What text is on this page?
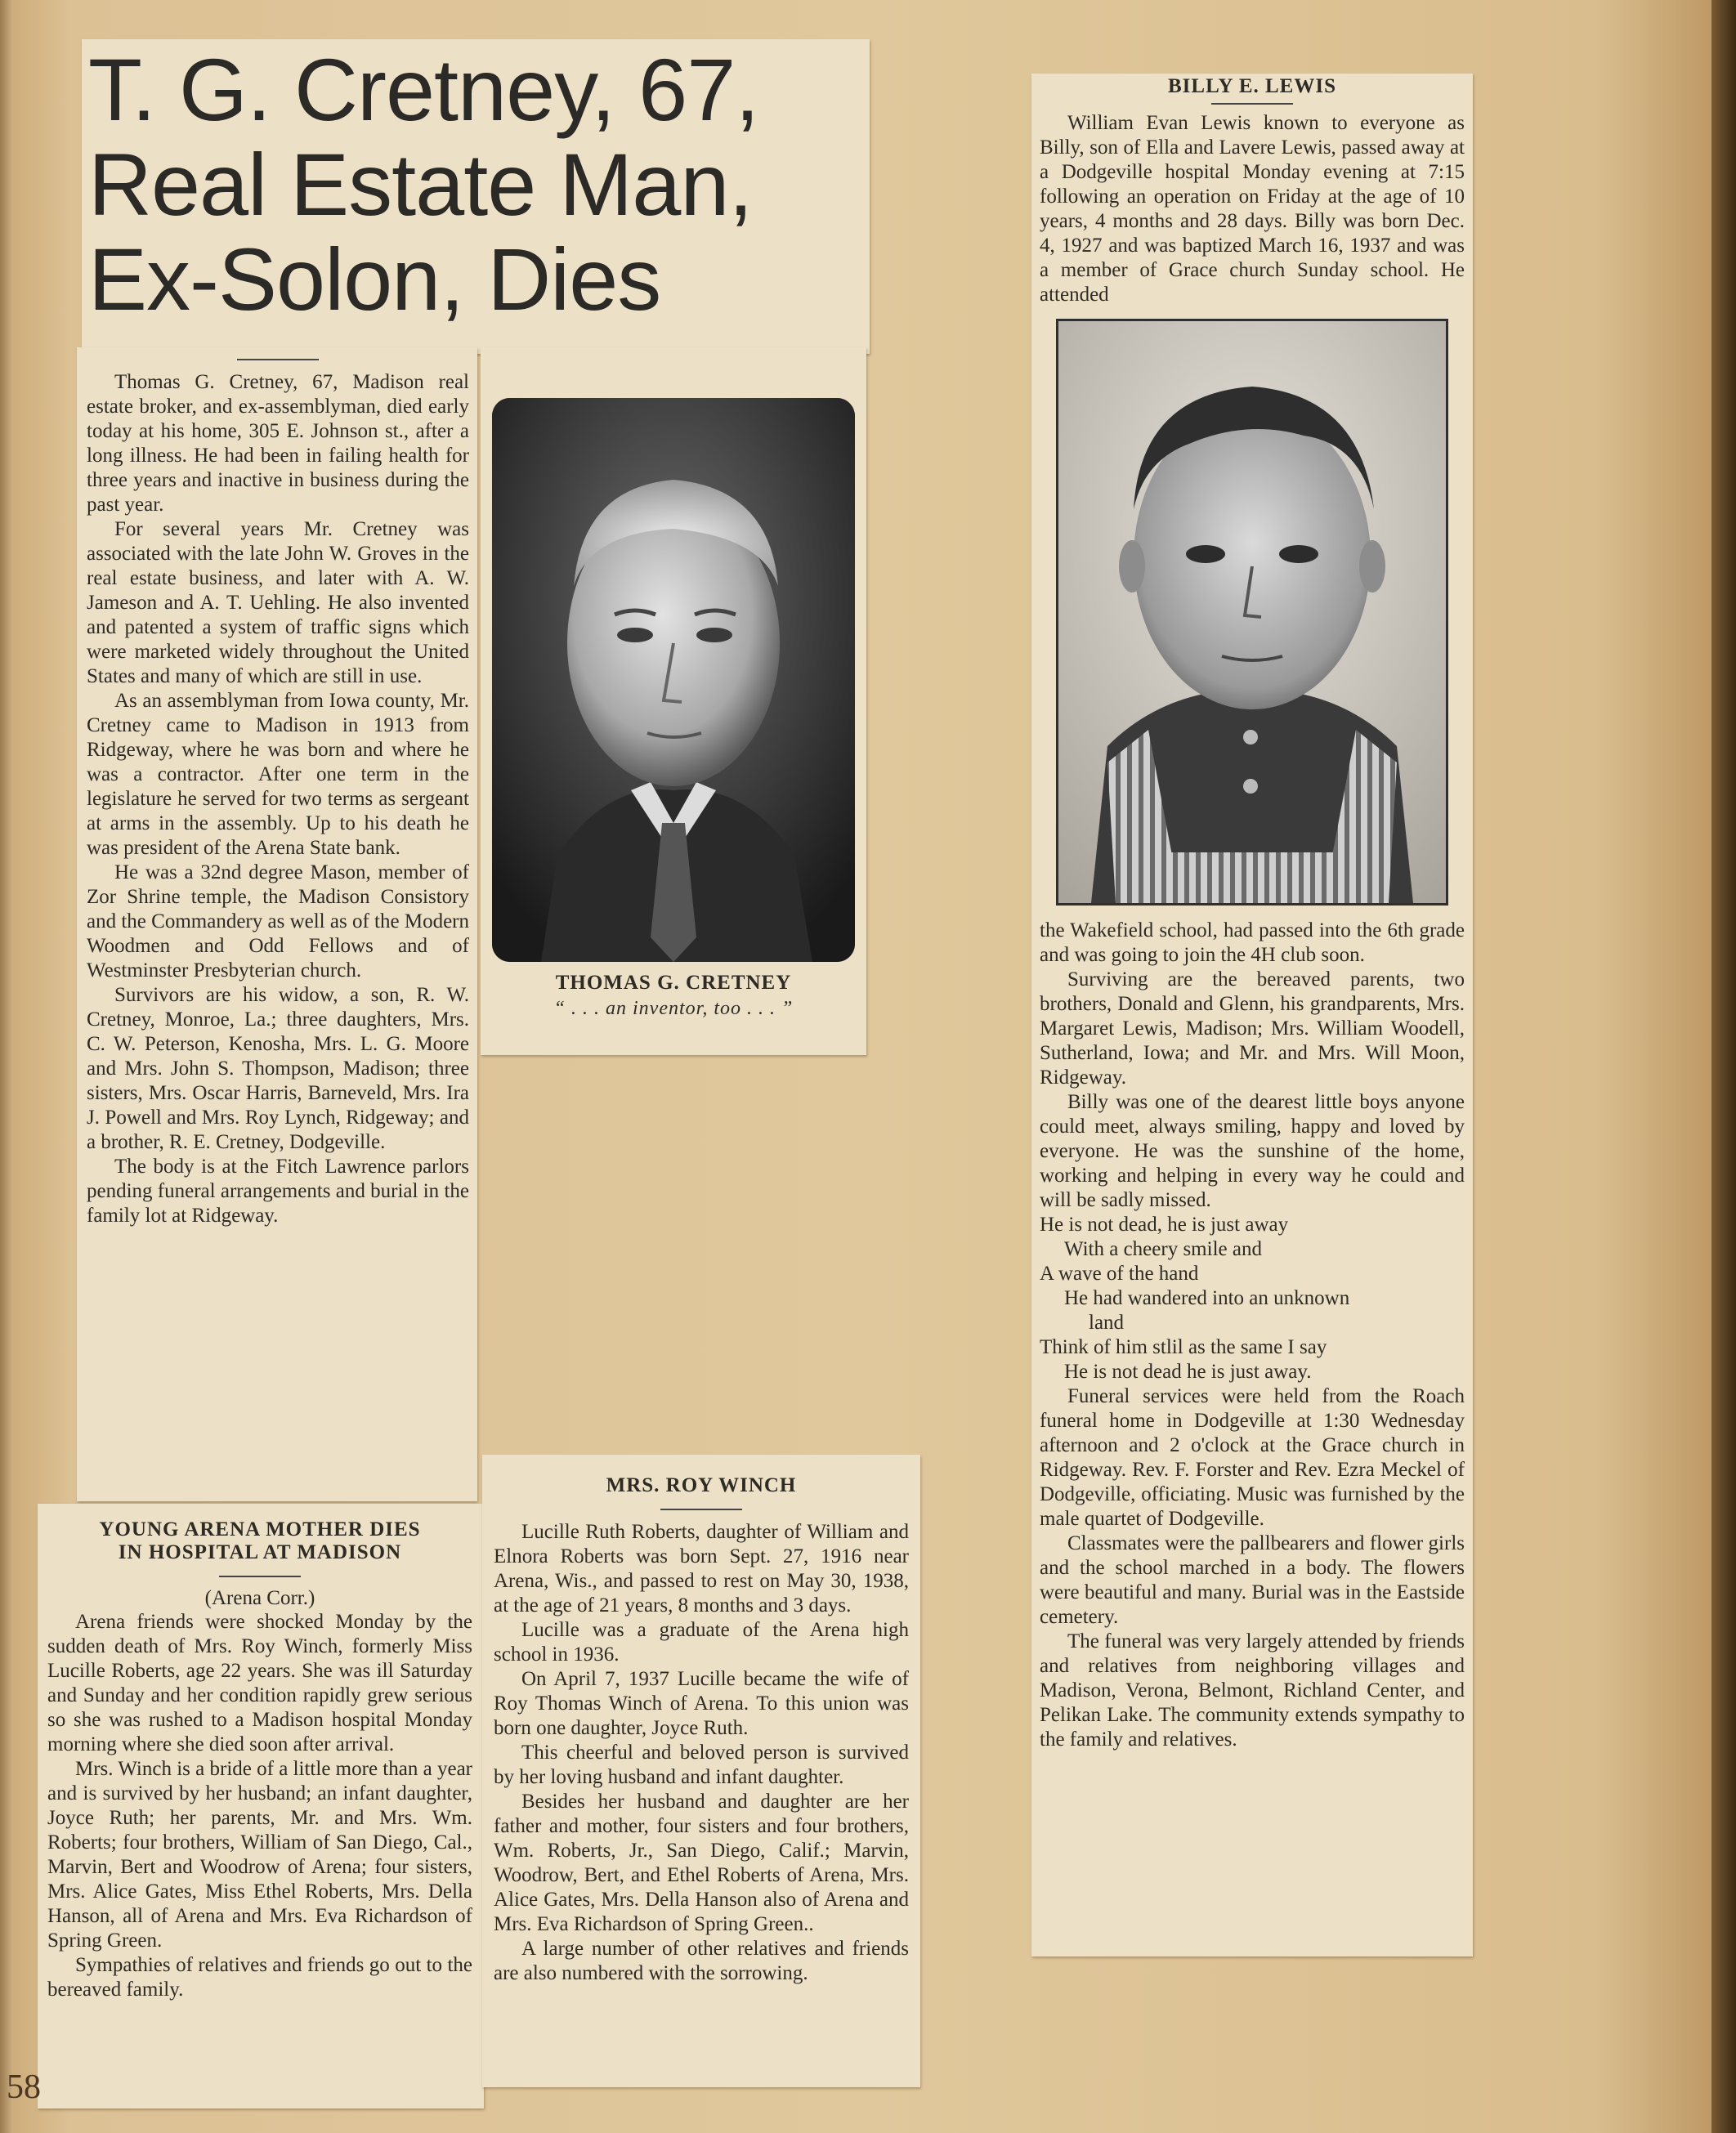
T. G. Cretney, 67,
Real Estate Man,
Ex-Solon, Dies

Thomas G. Cretney, 67, Madison real estate broker, and ex-assemblyman, died early today at his home, 305 E. Johnson st., after a long illness. He had been in failing health for three years and inactive in business during the past year.

For several years Mr. Cretney was associated with the late John W. Groves in the real estate business, and later with A. W. Jameson and A. T. Uehling. He also invented and patented a system of traffic signs which were marketed widely throughout the United States and many of which are still in use.

As an assemblyman from Iowa county, Mr. Cretney came to Madison in 1913 from Ridgeway, where he was born and where he was a contractor. After one term in the legislature he served for two terms as sergeant at arms in the assembly. Up to his death he was president of the Arena State bank.

He was a 32nd degree Mason, member of Zor Shrine temple, the Madison Consistory and the Commandery as well as of the Modern Woodmen and Odd Fellows and of Westminster Presbyterian church.

Survivors are his widow, a son, R. W. Cretney, Monroe, La.; three daughters, Mrs. C. W. Peterson, Kenosha, Mrs. L. G. Moore and Mrs. John S. Thompson, Madison; three sisters, Mrs. Oscar Harris, Barneveld, Mrs. Ira J. Powell and Mrs. Roy Lynch, Ridgeway; and a brother, R. E. Cretney, Dodgeville.

The body is at the Fitch Lawrence parlors pending funeral arrangements and burial in the family lot at Ridgeway.

THOMAS G. CRETNEY
“ . . . an inventor, too . . . ”

YOUNG ARENA MOTHER DIES

IN HOSPITAL AT MADISON

(Arena Corr.)

Arena friends were shocked Monday by the sudden death of Mrs. Roy Winch, formerly Miss Lucille Roberts, age 22 years. She was ill Saturday and Sunday and her condition rapidly grew serious so she was rushed to a Madison hospital Monday morning where she died soon after arrival.

Mrs. Winch is a bride of a little more than a year and is survived by her husband; an infant daughter, Joyce Ruth; her parents, Mr. and Mrs. Wm. Roberts; four brothers, William of San Diego, Cal., Marvin, Bert and Woodrow of Arena; four sisters, Mrs. Alice Gates, Miss Ethel Roberts, Mrs. Della Hanson, all of Arena and Mrs. Eva Richardson of Spring Green.

Sympathies of relatives and friends go out to the bereaved family.

MRS. ROY WINCH

Lucille Ruth Roberts, daughter of William and Elnora Roberts was born Sept. 27, 1916 near Arena, Wis., and passed to rest on May 30, 1938, at the age of 21 years, 8 months and 3 days.

Lucille was a graduate of the Arena high school in 1936.

On April 7, 1937 Lucille became the wife of Roy Thomas Winch of Arena. To this union was born one daughter, Joyce Ruth.

This cheerful and beloved person is survived by her loving husband and infant daughter.

Besides her husband and daughter are her father and mother, four sisters and four brothers, Wm. Roberts, Jr., San Diego, Calif.; Marvin, Woodrow, Bert, and Ethel Roberts of Arena, Mrs. Alice Gates, Mrs. Della Hanson also of Arena and Mrs. Eva Richardson of Spring Green..

A large number of other relatives and friends are also numbered with the sorrowing.

BILLY E. LEWIS

William Evan Lewis known to everyone as Billy, son of Ella and Lavere Lewis, passed away at a Dodgeville hospital Monday evening at 7:15 following an operation on Friday at the age of 10 years, 4 months and 28 days. Billy was born Dec. 4, 1927 and was baptized March 16, 1937 and was a member of Grace church Sunday school. He attended

the Wakefield school, had passed into the 6th grade and was going to join the 4H club soon.

Surviving are the bereaved parents, two brothers, Donald and Glenn, his grandparents, Mrs. Margaret Lewis, Madison; Mrs. William Woodell, Sutherland, Iowa; and Mr. and Mrs. Will Moon, Ridgeway.

Billy was one of the dearest little boys anyone could meet, always smiling, happy and loved by everyone. He was the sunshine of the home, working and helping in every way he could and will be sadly missed.

He is not dead, he is just away

With a cheery smile and

A wave of the hand

He had wandered into an unknown

land

Think of him stlil as the same I say

He is not dead he is just away.

Funeral services were held from the Roach funeral home in Dodgeville at 1:30 Wednesday afternoon and 2 o'clock at the Grace church in Ridgeway. Rev. F. Forster and Rev. Ezra Meckel of Dodgeville, officiating. Music was furnished by the male quartet of Dodgeville.

Classmates were the pallbearers and flower girls and the school marched in a body. The flowers were beautiful and many. Burial was in the Eastside cemetery.

The funeral was very largely attended by friends and relatives from neighboring villages and Madison, Verona, Belmont, Richland Center, and Pelikan Lake. The community extends sympathy to the family and relatives.

58
